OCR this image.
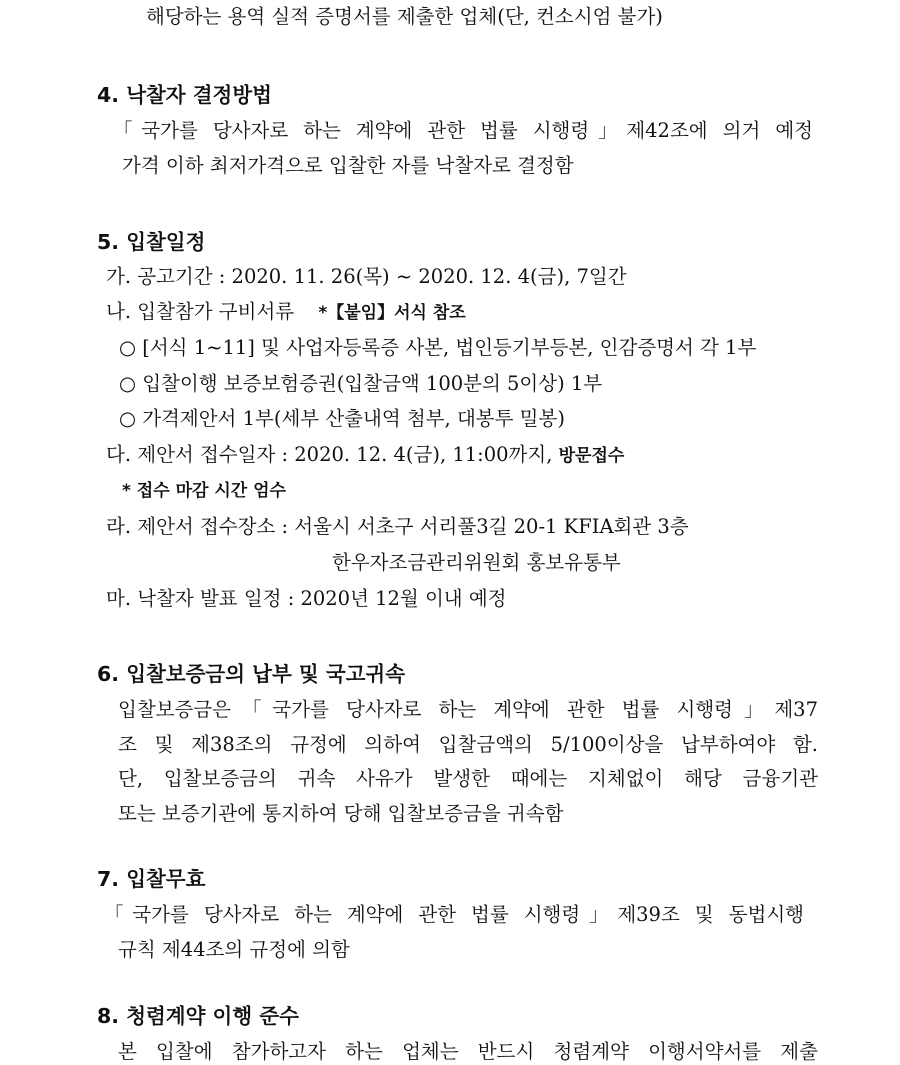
해당하는 용역 실적 증명서를 제출한 업체(단, 컨소시엄 불가)
4. 낙찰자 결정방법
「국가를 당사자로 하는 계약에 관한 법률 시행령」제42조에 의거 예정
가격 이하 최저가격으로 입찰한 자를 낙찰자로 결정함
5. 입찰일정
가. 공고기간 : 2020. 11. 26(목) ~ 2020. 12. 4(금), 7일간
나. 입찰참가 구비서류 *【붙임】서식 참조
○ [서식 1~11] 및 사업자등록증 사본, 법인등기부등본, 인감증명서 각 1부
○ 입찰이행 보증보험증권(입찰금액 100분의 5이상) 1부
○ 가격제안서 1부(세부 산출내역 첨부, 대봉투 밀봉)
다. 제안서 접수일자 : 2020. 12. 4(금), 11:00까지, 방문접수
* 접수 마감 시간 엄수
라. 제안서 접수장소 : 서울시 서초구 서리풀3길 20-1 KFIA회관 3층
한우자조금관리위원회 홍보유통부
마. 낙찰자 발표 일정 : 2020년 12월 이내 예정
6. 입찰보증금의 납부 및 국고귀속
입찰보증금은「국가를 당사자로 하는 계약에 관한 법률 시행령」제37
조 및 제38조의 규정에 의하여 입찰금액의 5/100이상을 납부하여야 함.
단, 입찰보증금의 귀속 사유가 발생한 때에는 지체없이 해당 금융기관
또는 보증기관에 통지하여 당해 입찰보증금을 귀속함
7. 입찰무효
「국가를 당사자로 하는 계약에 관한 법률 시행령」제39조 및 동법시행
규칙 제44조의 규정에 의함
8. 청렴계약 이행 준수
본 입찰에 참가하고자 하는 업체는 반드시 청렴계약 이행서약서를 제출
